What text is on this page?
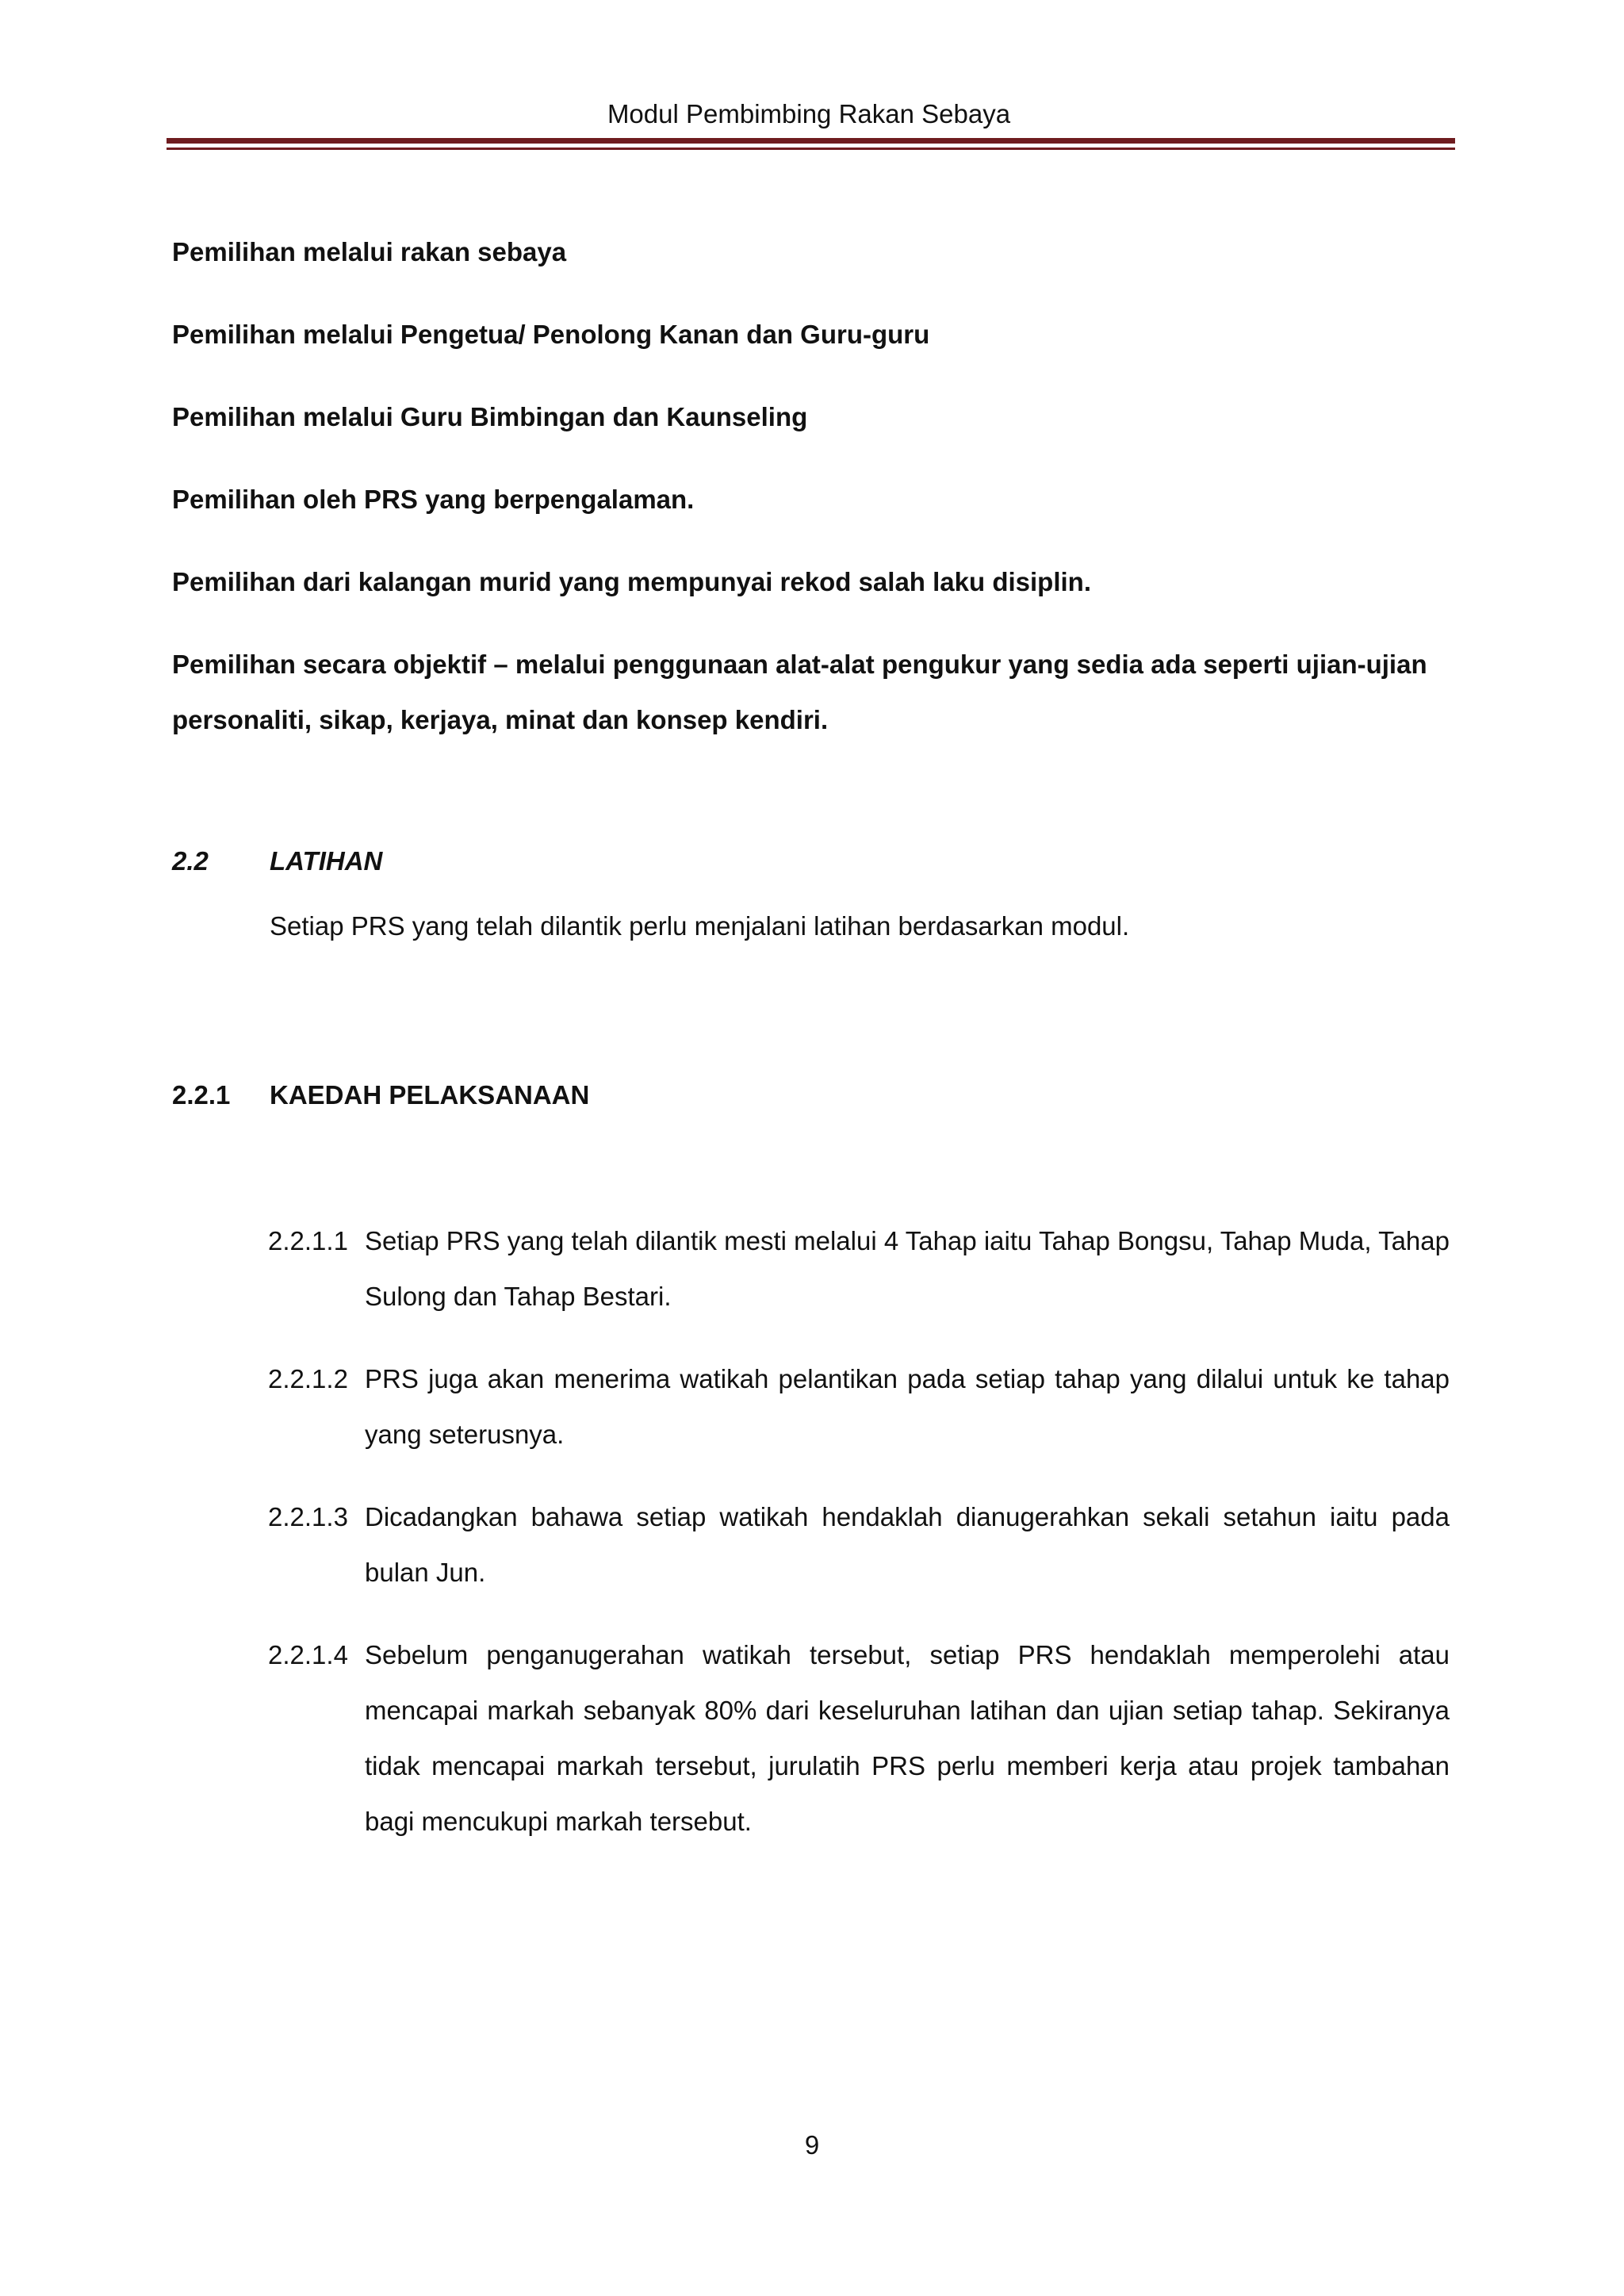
Modul Pembimbing Rakan Sebaya

Pemilihan melalui rakan sebaya

Pemilihan melalui Pengetua/ Penolong Kanan dan Guru-guru

Pemilihan melalui Guru Bimbingan dan Kaunseling

Pemilihan oleh PRS yang berpengalaman.

Pemilihan dari kalangan murid yang mempunyai rekod salah laku disiplin.

Pemilihan secara objektif – melalui penggunaan alat-alat pengukur yang sedia ada seperti ujian-ujian personaliti, sikap, kerjaya, minat dan konsep kendiri.

2.2 LATIHAN

Setiap PRS yang telah dilantik perlu menjalani latihan berdasarkan modul.

2.2.1 KAEDAH PELAKSANAAN
2.2.1.1 Setiap PRS yang telah dilantik mesti melalui 4 Tahap iaitu Tahap Bongsu, Tahap Muda, Tahap Sulong dan Tahap Bestari.
2.2.1.2 PRS juga akan menerima watikah pelantikan pada setiap tahap yang dilalui untuk ke tahap yang seterusnya.
2.2.1.3 Dicadangkan bahawa setiap watikah hendaklah dianugerahkan sekali setahun iaitu pada bulan Jun.
2.2.1.4 Sebelum penganugerahan watikah tersebut, setiap PRS hendaklah memperolehi atau mencapai markah sebanyak 80% dari keseluruhan latihan dan ujian setiap tahap. Sekiranya tidak mencapai markah tersebut, jurulatih PRS perlu memberi kerja atau projek tambahan bagi mencukupi markah tersebut.
9
